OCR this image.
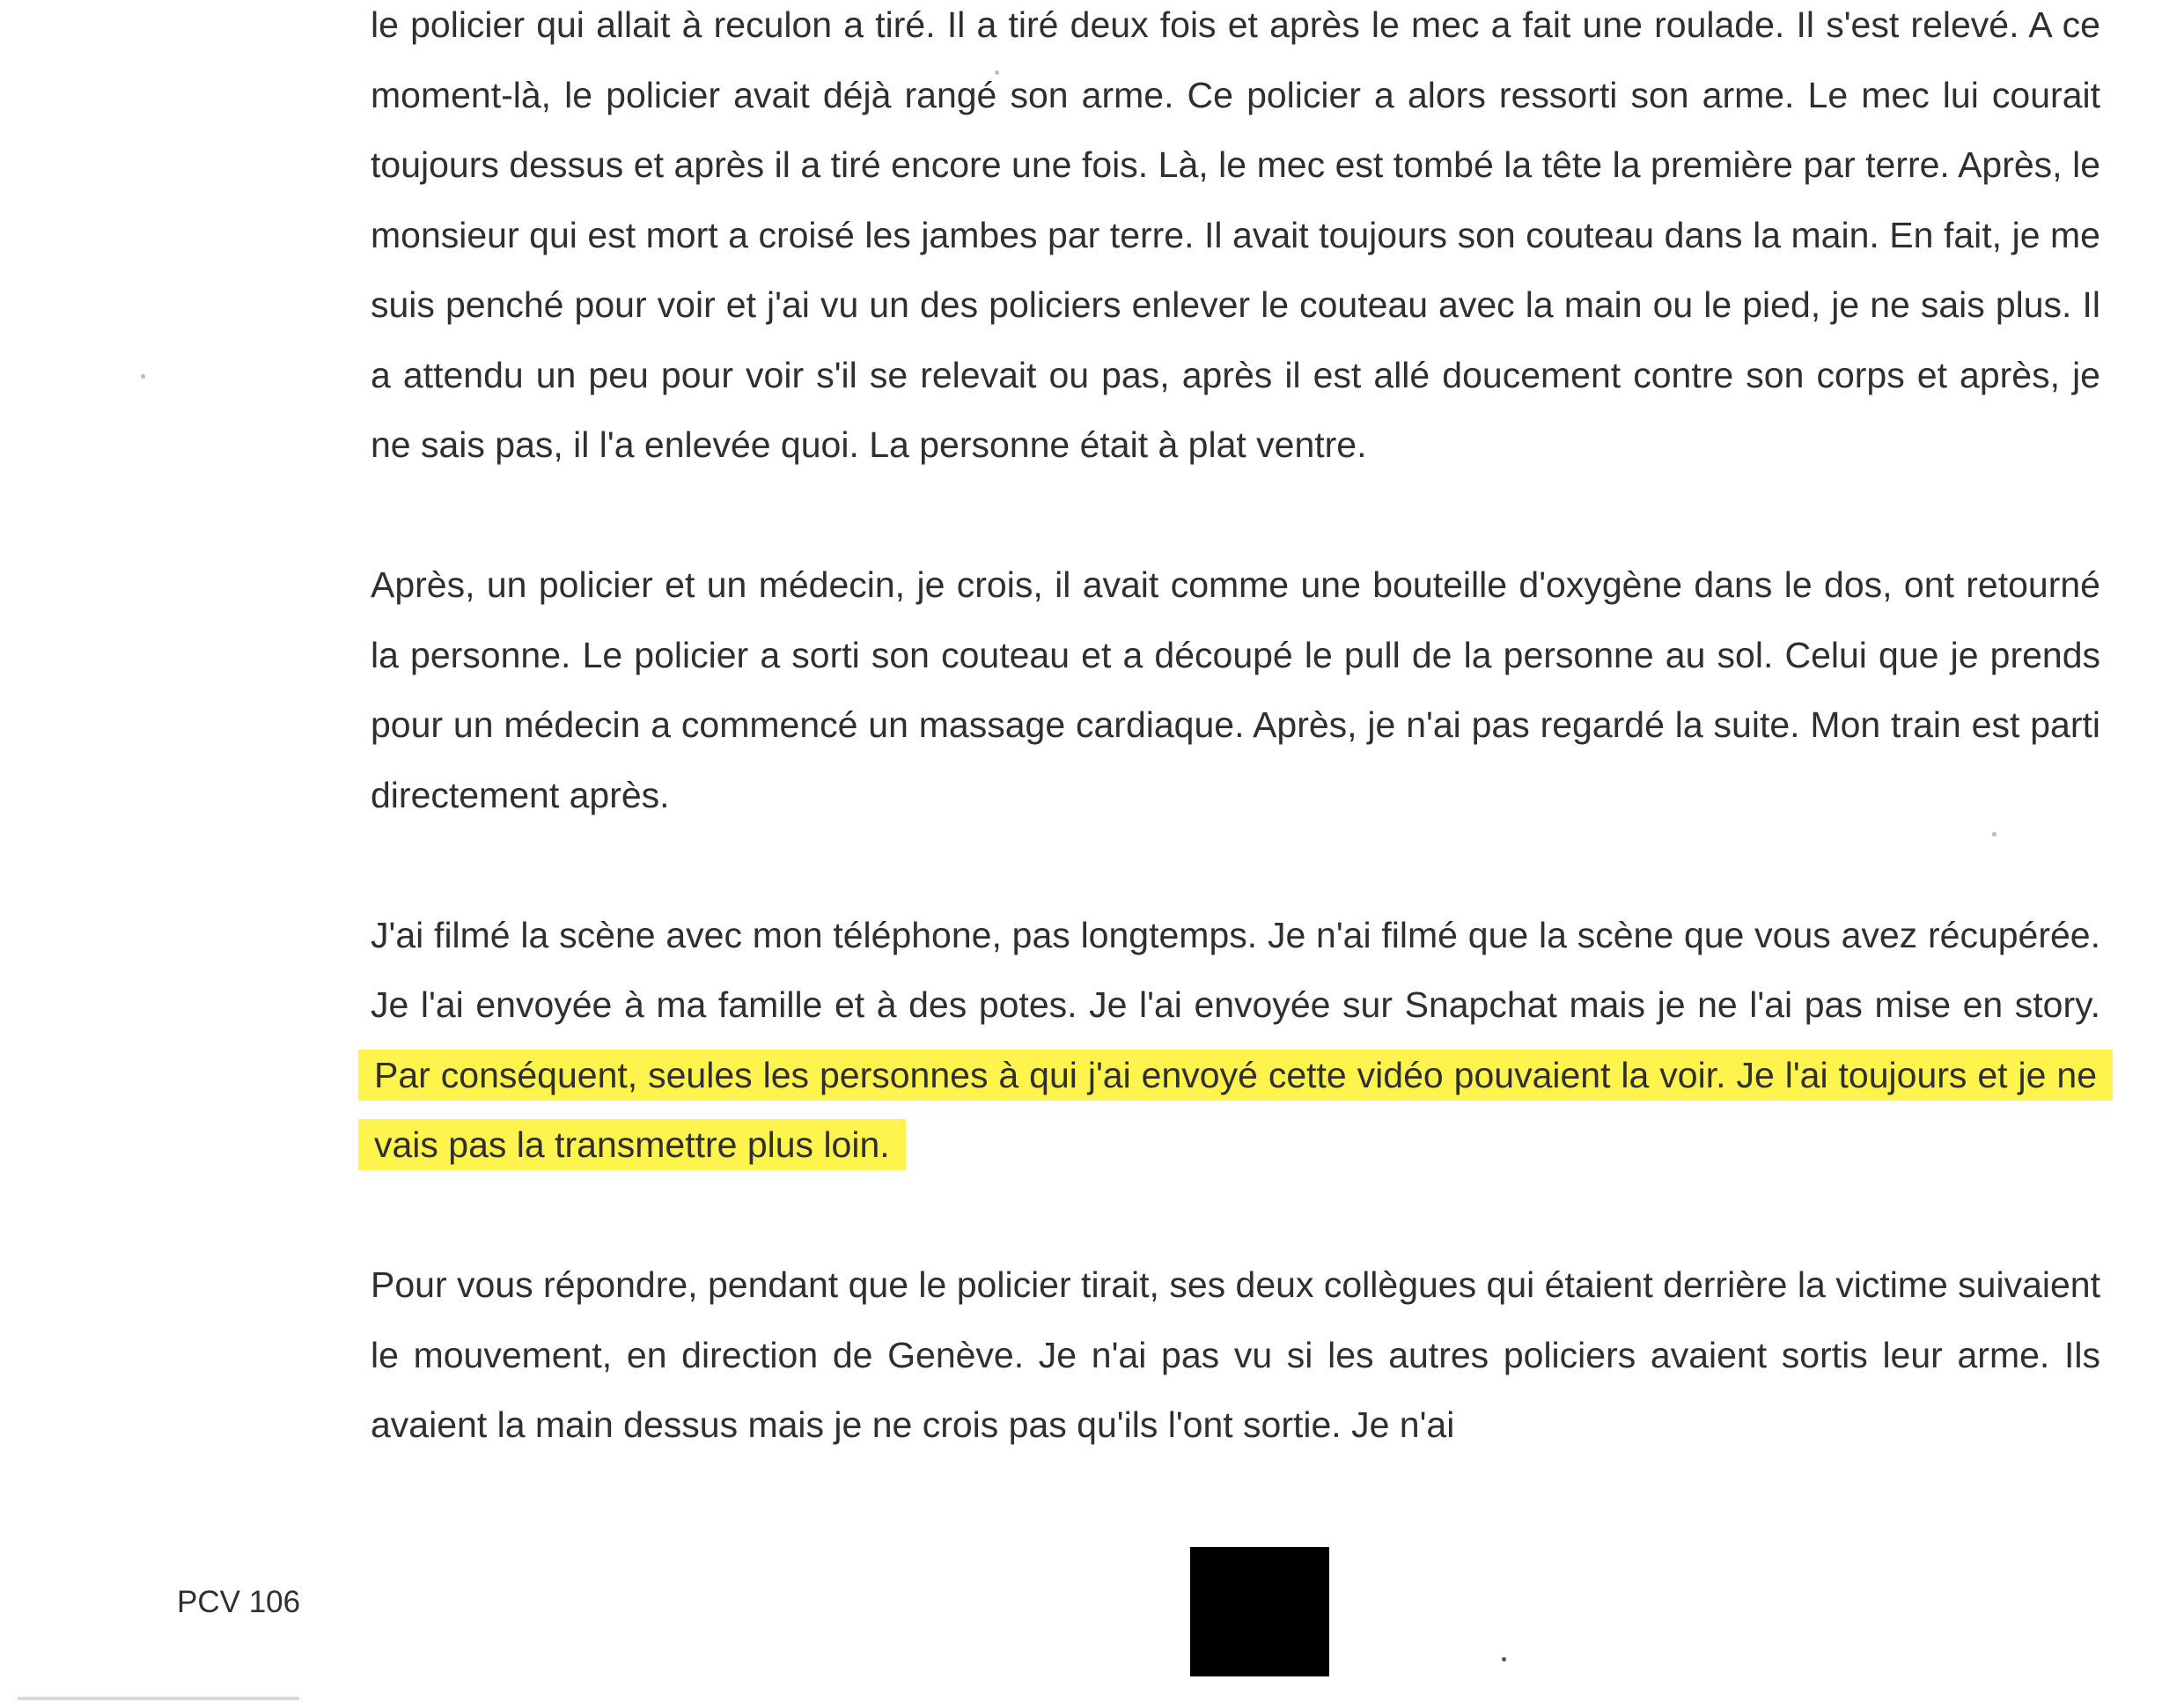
le policier qui allait à reculon a tiré. Il a tiré deux fois et après le mec a fait une roulade. Il s'est relevé. A ce moment-là, le policier avait déjà rangé son arme. Ce policier a alors ressorti son arme. Le mec lui courait toujours dessus et après il a tiré encore une fois. Là, le mec est tombé la tête la première par terre. Après, le monsieur qui est mort a croisé les jambes par terre. Il avait toujours son couteau dans la main. En fait, je me suis penché pour voir et j'ai vu un des policiers enlever le couteau avec la main ou le pied, je ne sais plus. Il a attendu un peu pour voir s'il se relevait ou pas, après il est allé doucement contre son corps et après, je ne sais pas, il l'a enlevée quoi. La personne était à plat ventre.

Après, un policier et un médecin, je crois, il avait comme une bouteille d'oxygène dans le dos, ont retourné la personne. Le policier a sorti son couteau et a découpé le pull de la personne au sol. Celui que je prends pour un médecin a commencé un massage cardiaque. Après, je n'ai pas regardé la suite. Mon train est parti directement après.

J'ai filmé la scène avec mon téléphone, pas longtemps. Je n'ai filmé que la scène que vous avez récupérée. Je l'ai envoyée à ma famille et à des potes. Je l'ai envoyée sur Snapchat mais je ne l'ai pas mise en story. Par conséquent, seules les personnes à qui j'ai envoyé cette vidéo pouvaient la voir. Je l'ai toujours et je ne vais pas la transmettre plus loin.

Pour vous répondre, pendant que le policier tirait, ses deux collègues qui étaient derrière la victime suivaient le mouvement, en direction de Genève. Je n'ai pas vu si les autres policiers avaient sortis leur arme. Ils avaient la main dessus mais je ne crois pas qu'ils l'ont sortie. Je n'ai

PCV 106
